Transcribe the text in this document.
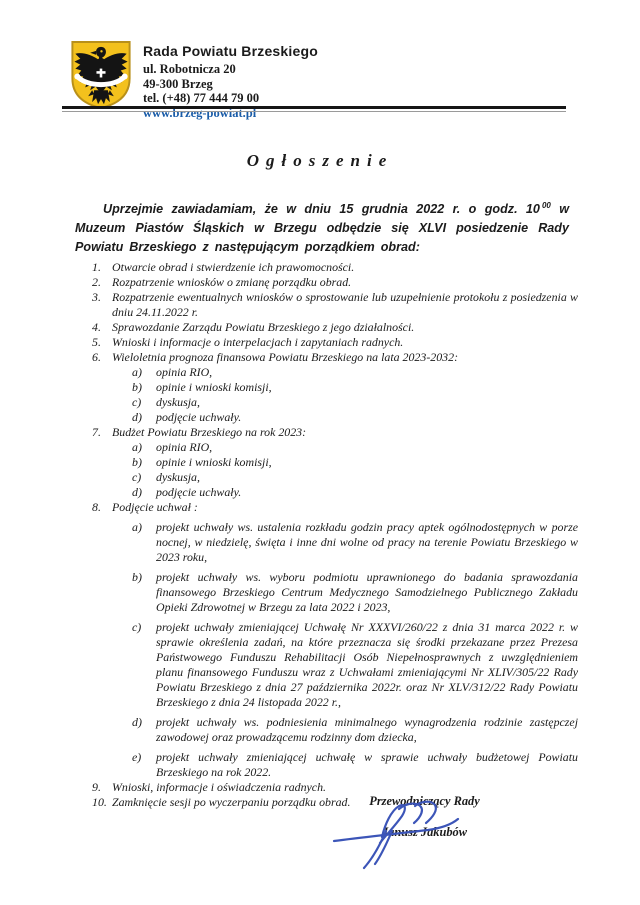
Rada Powiatu Brzeskiego
ul. Robotnicza 20
49-300 Brzeg
tel. (+48) 77 444 79 00
www.brzeg-powiat.pl
Ogłoszenie
Uprzejmie zawiadamiam, że w dniu 15 grudnia 2022 r. o godz. 10 $^{00}$ w Muzeum Piastów Śląskich w Brzegu odbędzie się XLVI posiedzenie Rady Powiatu Brzeskiego z następującym porządkiem obrad:
1. Otwarcie obrad i stwierdzenie ich prawomocności.
2. Rozpatrzenie wniosków o zmianę porządku obrad.
3. Rozpatrzenie ewentualnych wniosków o sprostowanie lub uzupełnienie protokołu z posiedzenia w dniu 24.11.2022 r.
4. Sprawozdanie Zarządu Powiatu Brzeskiego z jego działalności.
5. Wnioski i informacje o interpelacjach i zapytaniach radnych.
6. Wieloletnia prognoza finansowa Powiatu Brzeskiego na lata 2023-2032:
a)	opinia RIO,
b)	opinie i wnioski komisji,
c)	dyskusja,
d)	podjęcie uchwały.
7. Budżet Powiatu Brzeskiego na rok 2023:
a)	opinia RIO,
b)	opinie i wnioski komisji,
c)	dyskusja,
d)	podjęcie uchwały.
8. Podjęcie uchwał :
a)	projekt uchwały ws. ustalenia rozkładu godzin pracy aptek ogólnodostępnych w porze nocnej, w niedzielę, święta i inne dni wolne od pracy na terenie Powiatu Brzeskiego w 2023 roku,
b)	projekt uchwały ws. wyboru podmiotu uprawnionego do badania sprawozdania finansowego Brzeskiego Centrum Medycznego Samodzielnego Publicznego Zakładu Opieki Zdrowotnej w Brzegu za lata 2022 i 2023,
c)	projekt uchwały zmieniającej Uchwałę Nr XXXVI/260/22 z dnia 31 marca 2022 r. w sprawie określenia zadań, na które przeznacza się środki przekazane przez Prezesa Państwowego Funduszu Rehabilitacji Osób Niepełnosprawnych z uwzględnieniem planu finansowego Funduszu wraz z Uchwałami zmieniającymi Nr XLIV/305/22 Rady Powiatu Brzeskiego z dnia 27 października 2022r. oraz Nr XLV/312/22 Rady Powiatu Brzeskiego z dnia 24 listopada 2022 r.,
d)	projekt uchwały ws. podniesienia minimalnego wynagrodzenia rodzinie zastępczej zawodowej oraz prowadzącemu rodzinny dom dziecka,
e)	projekt uchwały zmieniającej uchwałę w sprawie uchwały budżetowej Powiatu Brzeskiego na rok 2022.
9. Wnioski, informacje i oświadczenia radnych.
10. Zamknięcie sesji po wyczerpaniu porządku obrad.	Przewodniczący Rady
Janusz Jakubów
